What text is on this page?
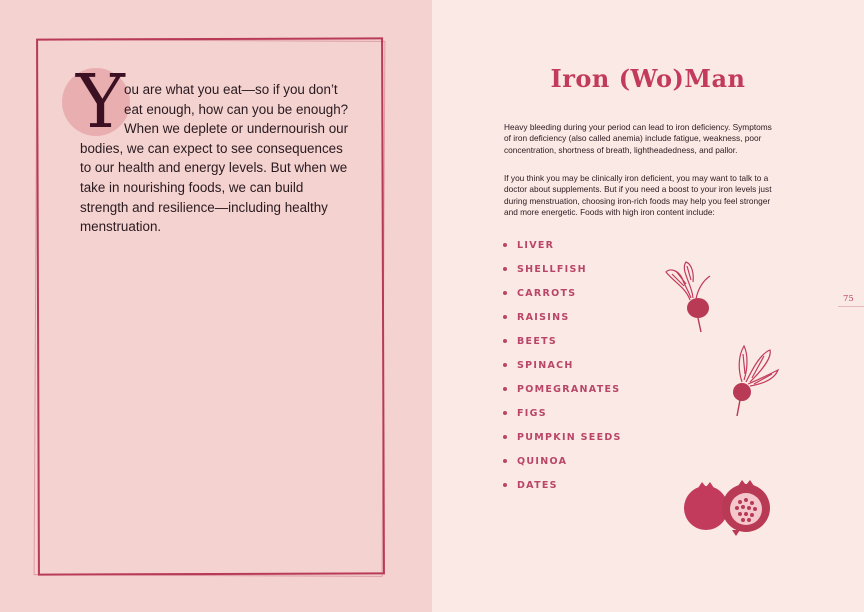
Y ou are what you eat—so if you don’t
eat enough, how can you be enough?
When we deplete or undernourish our
bodies, we can expect to see consequences
to our health and energy levels. But when we
take in nourishing foods, we can build
strength and resilience—including healthy
menstruation.

Iron (Wo)Man

Heavy bleeding during your period can lead to iron deficiency. Symptoms
of iron deficiency (also called anemia) include fatigue, weakness, poor
concentration, shortness of breath, lightheadedness, and pallor.

If you think you may be clinically iron deficient, you may want to talk to a
doctor about supplements. But if you need a boost to your iron levels just
during menstruation, choosing iron-rich foods may help you feel stronger
and more energetic. Foods with high iron content include:

LIVER
SHELLFISH
CARROTS
RAISINS
BEETS
SPINACH
POMEGRANATES
FIGS
PUMPKIN SEEDS
QUINOA
DATES
75
